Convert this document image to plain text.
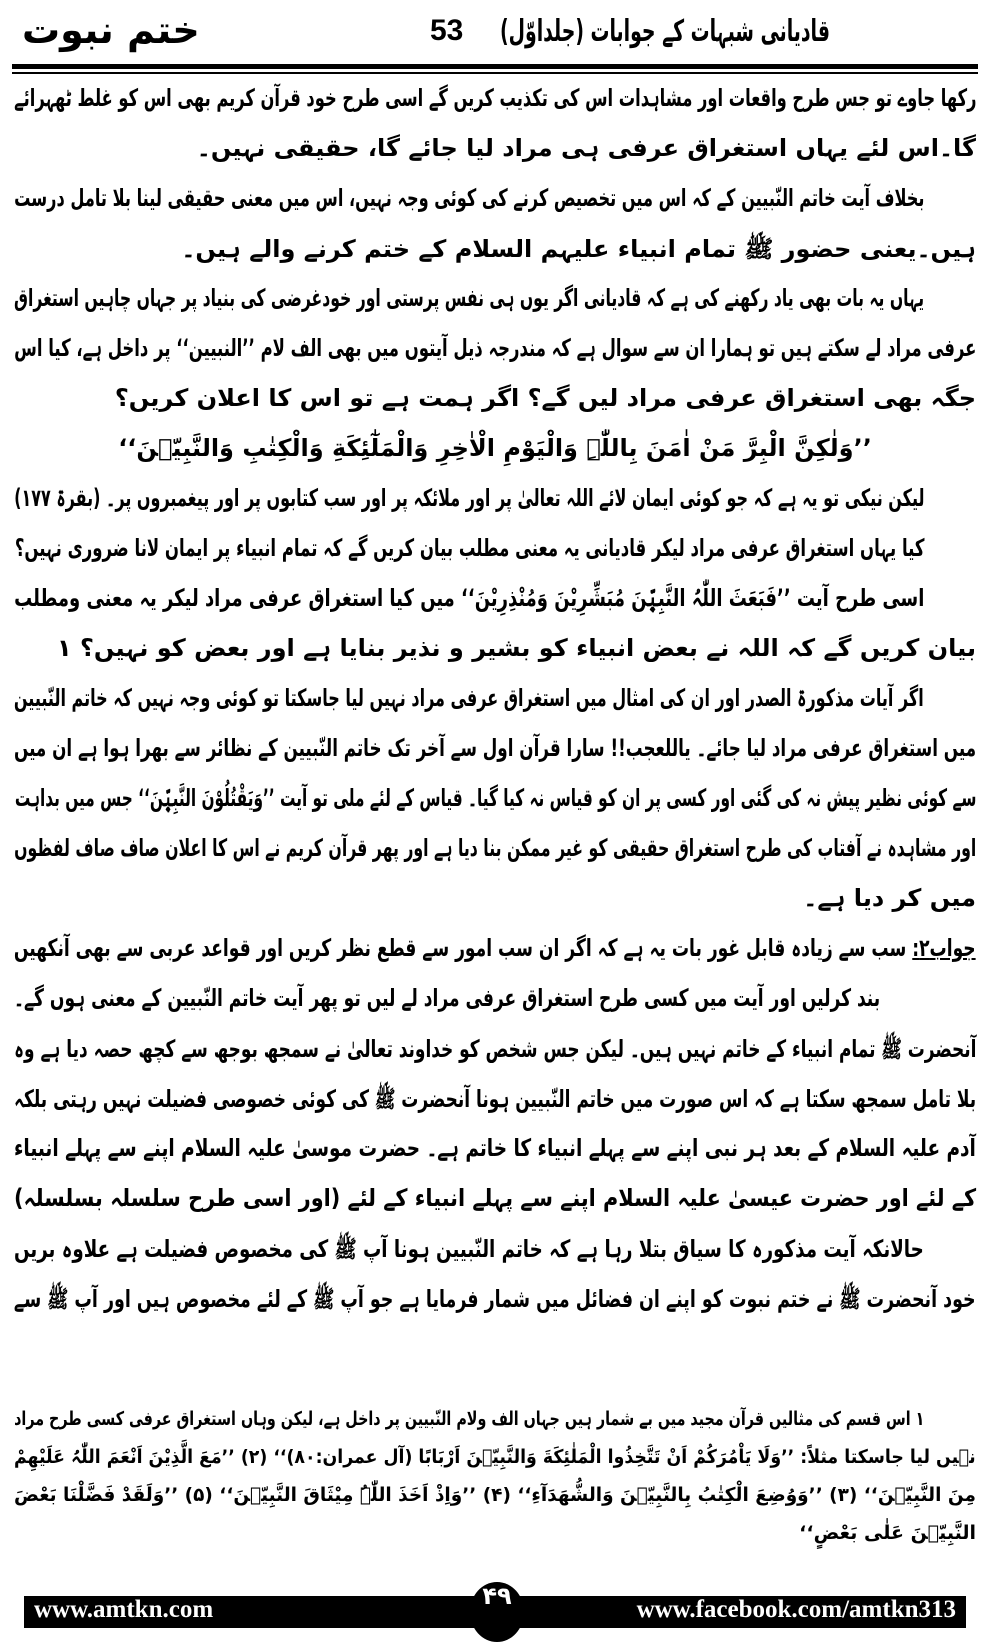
قادیانی شبہات کے جوابات (جلداوّل)
53
ختم نبوت
رکھا جاوے تو جس طرح واقعات اور مشاہدات اس کی تکذیب کریں گے اسی طرح خود قرآن کریم بھی اس کو غلط ٹھہرائے
گا۔اس لئے یہاں استغراق عرفی ہی مراد لیا جائے گا، حقیقی نہیں۔
بخلاف آیت خاتم النّبیین کے کہ اس میں تخصیص کرنے کی کوئی وجہ نہیں، اس میں معنی حقیقی لینا بلا تامل درست
ہیں۔یعنی حضور ﷺ تمام انبیاء علیہم السلام کے ختم کرنے والے ہیں۔
یہاں یہ بات بھی یاد رکھنے کی ہے کہ قادیانی اگر یوں ہی نفس پرستی اور خودغرضی کی بنیاد پر جہاں چاہیں استغراق
عرفی مراد لے سکتے ہیں تو ہمارا ان سے سوال ہے کہ مندرجہ ذیل آیتوں میں بھی الف لام ’’النبیین‘‘ پر داخل ہے، کیا اس
جگہ بھی استغراق عرفی مراد لیں گے؟ اگر ہمت ہے تو اس کا اعلان کریں؟
’’وَلٰکِنَّ الْبِرَّ مَنْ اٰمَنَ بِاللّٰہِ وَالْیَوْمِ الْاٰخِرِ وَالْمَلٰٓئِکَةِ وَالْکِتٰبِ وَالنَّبِیّٖنَ‘‘
لیکن نیکی تو یہ ہے کہ جو کوئی ایمان لائے اللہ تعالیٰ پر اور ملائکہ پر اور سب کتابوں پر اور پیغمبروں پر۔ (بقرۃ ۱۷۷)
کیا یہاں استغراق عرفی مراد لیکر قادیانی یہ معنی مطلب بیان کریں گے کہ تمام انبیاء پر ایمان لانا ضروری نہیں؟
اسی طرح آیت ’’فَبَعَثَ اللّٰہُ النَّبِیّٖنَ مُبَشِّرِیْنَ وَمُنْذِرِیْنَ‘‘ میں کیا استغراق عرفی مراد لیکر یہ معنی ومطلب
بیان کریں گے کہ اللہ نے بعض انبیاء کو بشیر و نذیر بنایا ہے اور بعض کو نہیں؟ ۱
اگر آیات مذکورۃ الصدر اور ان کی امثال میں استغراق عرفی مراد نہیں لیا جاسکتا تو کوئی وجہ نہیں کہ خاتم النّبیین
میں استغراق عرفی مراد لیا جائے۔ یاللعجب!! سارا قرآن اول سے آخر تک خاتم النّبیین کے نظائر سے بھرا ہوا ہے ان میں
سے کوئی نظیر پیش نہ کی گئی اور کسی پر ان کو قیاس نہ کیا گیا۔ قیاس کے لئے ملی تو آیت ’’وَیَقْتُلُوْنَ النَّبِیّٖنَ‘‘ جس میں بداہت
اور مشاہدہ نے آفتاب کی طرح استغراق حقیقی کو غیر ممکن بنا دیا ہے اور پھر قرآن کریم نے اس کا اعلان صاف صاف لفظوں
میں کر دیا ہے۔
جواب۲: سب سے زیادہ قابل غور بات یہ ہے کہ اگر ان سب امور سے قطع نظر کریں اور قواعد عربی سے بھی آنکھیں
بند کرلیں اور آیت میں کسی طرح استغراق عرفی مراد لے لیں تو پھر آیت خاتم النّبیین کے معنی ہوں گے۔
آنحضرت ﷺ تمام انبیاء کے خاتم نہیں ہیں۔ لیکن جس شخص کو خداوند تعالیٰ نے سمجھ بوجھ سے کچھ حصہ دیا ہے وہ
بلا تامل سمجھ سکتا ہے کہ اس صورت میں خاتم النّبیین ہونا آنحضرت ﷺ کی کوئی خصوصی فضیلت نہیں رہتی بلکہ
آدم علیہ السلام کے بعد ہر نبی اپنے سے پہلے انبیاء کا خاتم ہے۔ حضرت موسیٰ علیہ السلام اپنے سے پہلے انبیاء
کے لئے اور حضرت عیسیٰ علیہ السلام اپنے سے پہلے انبیاء کے لئے (اور اسی طرح سلسلہ بسلسلہ)
حالانکہ آیت مذکورہ کا سیاق بتلا رہا ہے کہ خاتم النّبیین ہونا آپ ﷺ کی مخصوص فضیلت ہے علاوہ بریں
خود آنحضرت ﷺ نے ختم نبوت کو اپنے ان فضائل میں شمار فرمایا ہے جو آپ ﷺ کے لئے مخصوص ہیں اور آپ ﷺ سے
۱ اس قسم کی مثالیں قرآن مجید میں بے شمار ہیں جہاں الف ولام النّبیین پر داخل ہے، لیکن وہاں استغراق عرفی کسی طرح مراد
نہیں لیا جاسکتا مثلاً: ’’وَلَا یَاْمُرَکُمْ اَنْ تَتَّخِذُوا الْمَلٰئِکَةَ وَالنَّبِیّٖنَ اَرْبَابًا (آل عمران:۸۰)‘‘ (۲) ’’مَعَ الَّذِیْنَ اَنْعَمَ اللّٰہُ عَلَیْهِمْ
مِنَ النَّبِیّٖنَ‘‘ (۳) ’’وَوُضِعَ الْکِتٰبُ بِالنَّبِیّٖنَ وَالشُّهَدَآءِ‘‘ (۴) ’’وَاِذْ اَخَذَ اللّٰہُ مِیْثَاقَ النَّبِیّٖنَ‘‘ (۵) ’’وَلَقَدْ فَضَّلْنَا بَعْضَ
النَّبِیّٖنَ عَلٰی بَعْضٍ‘‘
www.amtkn.com	۴۹	www.facebook.com/amtkn313
